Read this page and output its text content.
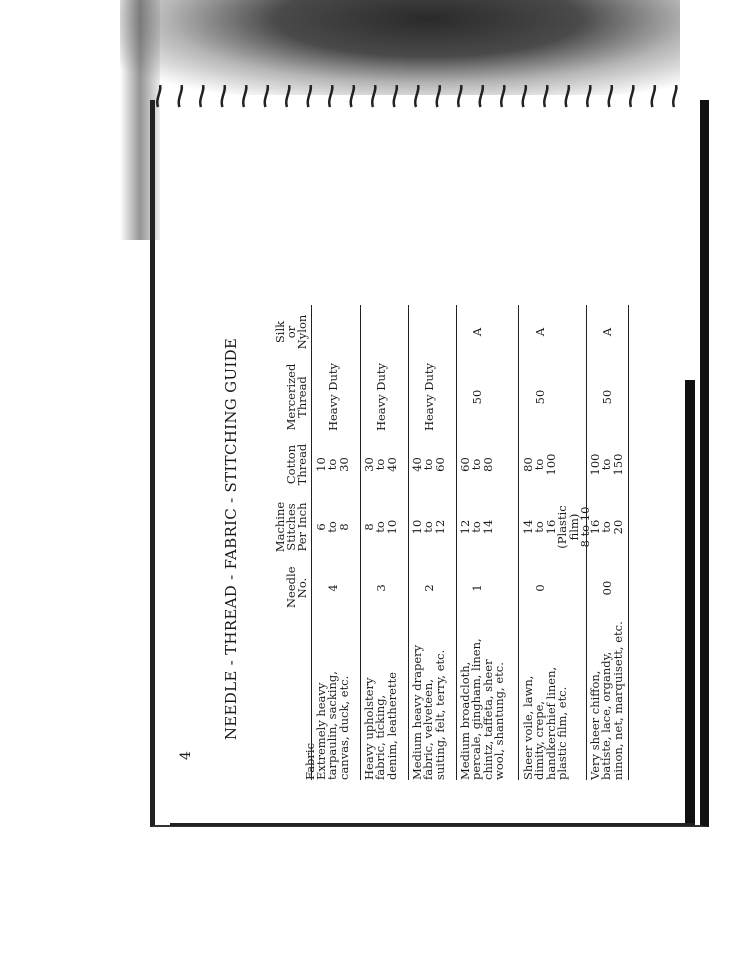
4
NEEDLE - THREAD - FABRIC - STITCHING GUIDE
Fabric
Needle
No.
Machine
Stitches
Per Inch
Cotton
Thread
Mercerized
Thread
Silk
or
Nylon
Extremely heavy
tarpaulin, sacking,
canvas, duck, etc.
4
6
to
8
10
to
30
Heavy Duty
Heavy upholstery
fabric, ticking,
denim, leatherette
3
8
to
10
30
to
40
Heavy Duty
Medium heavy drapery
fabric, velveteen,
suiting, felt, terry, etc.
2
10
to
12
40
to
60
Heavy Duty
Medium broadcloth,
percale, gingham, linen,
chintz, taffeta, sheer
wool, shantung, etc.
1
12
to
14
60
to
80
50
A
Sheer voile, lawn,
dimity, crepe,
handkerchief linen,
plastic film, etc.
0
14
to
16
(Plastic film)
8 to 10
80
to
100
50
A
Very sheer chiffon,
batiste, lace, organdy,
ninon, net, marquisett, etc.
00
16
to
20
100
to
150
50
A
